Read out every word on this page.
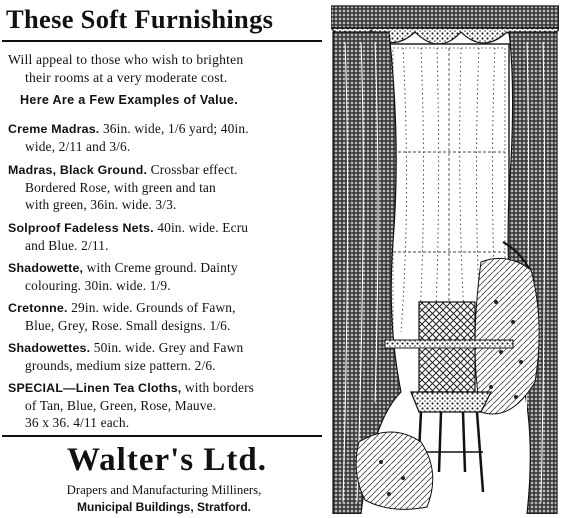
These Soft Furnishings
Will appeal to those who wish to brighten
their rooms at a very moderate cost.
Here Are a Few Examples of Value.
Creme Madras. 36in. wide, 1/6 yard; 40in.
wide, 2/11 and 3/6.
Madras, Black Ground. Crossbar effect.
Bordered Rose, with green and tan
with green, 36in. wide. 3/3.
Solproof Fadeless Nets. 40in. wide. Ecru
and Blue. 2/11.
Shadowette, with Creme ground. Dainty
colouring. 30in. wide. 1/9.
Cretonne. 29in. wide. Grounds of Fawn,
Blue, Grey, Rose. Small designs. 1/6.
Shadowettes. 50in. wide. Grey and Fawn
grounds, medium size pattern. 2/6.
SPECIAL—Linen Tea Cloths, with borders
of Tan, Blue, Green, Rose, Mauve.
36 x 36. 4/11 each.
Walter's Ltd.
Drapers and Manufacturing Milliners,
Municipal Buildings, Stratford.
